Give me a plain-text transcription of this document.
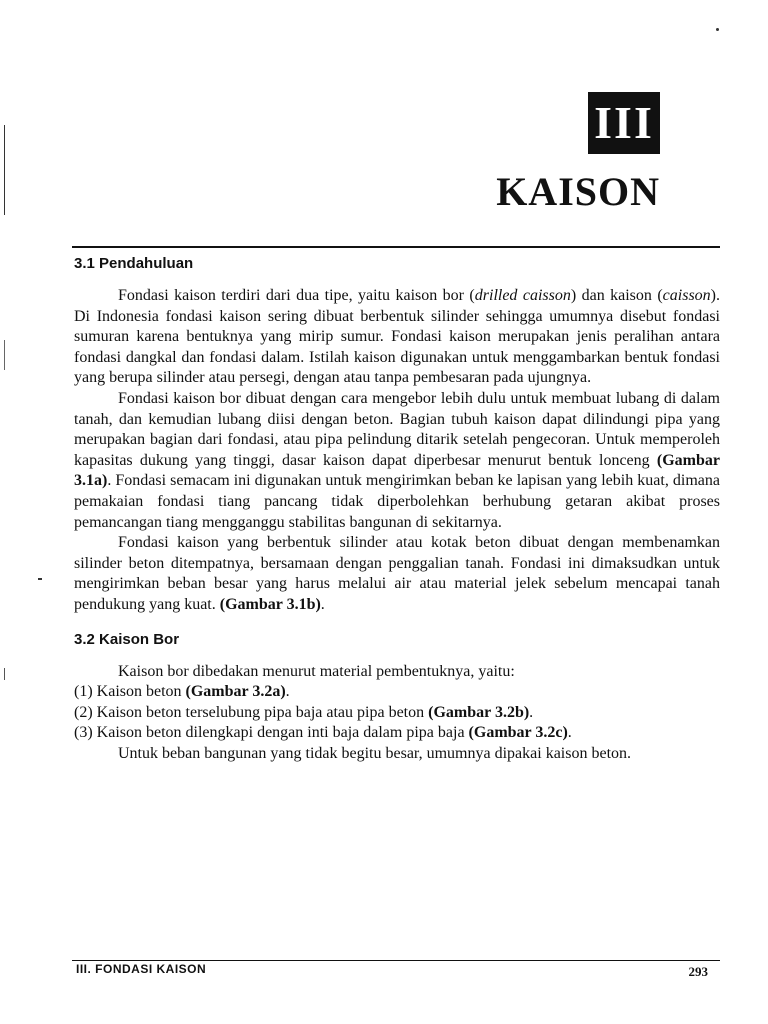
III
KAISON
3.1 Pendahuluan

Fondasi kaison terdiri dari dua tipe, yaitu kaison bor (drilled caisson) dan kaison (caisson). Di Indonesia fondasi kaison sering dibuat berbentuk silinder sehingga umumnya disebut fondasi sumuran karena bentuknya yang mirip sumur. Fondasi kaison merupakan jenis peralihan antara fondasi dangkal dan fondasi dalam. Istilah kaison digunakan untuk menggambarkan bentuk fondasi yang berupa silinder atau persegi, dengan atau tanpa pembesaran pada ujungnya.

Fondasi kaison bor dibuat dengan cara mengebor lebih dulu untuk membuat lubang di dalam tanah, dan kemudian lubang diisi dengan beton. Bagian tubuh kaison dapat dilindungi pipa yang merupakan bagian dari fondasi, atau pipa pelindung ditarik setelah pengecoran. Untuk memperoleh kapasitas dukung yang tinggi, dasar kaison dapat diperbesar menurut bentuk lonceng (Gambar 3.1a). Fondasi semacam ini digunakan untuk mengirimkan beban ke lapisan yang lebih kuat, dimana pemakaian fondasi tiang pancang tidak diperbolehkan berhubung getaran akibat proses pemancangan tiang mengganggu stabilitas bangunan di sekitarnya.

Fondasi kaison yang berbentuk silinder atau kotak beton dibuat dengan membenamkan silinder beton ditempatnya, bersamaan dengan penggalian tanah. Fondasi ini dimaksudkan untuk mengirimkan beban besar yang harus melalui air atau material jelek sebelum mencapai tanah pendukung yang kuat. (Gambar 3.1b).

3.2 Kaison Bor

Kaison bor dibedakan menurut material pembentuknya, yaitu:

(1) Kaison beton (Gambar 3.2a).

(2) Kaison beton terselubung pipa baja atau pipa beton (Gambar 3.2b).

(3) Kaison beton dilengkapi dengan inti baja dalam pipa baja (Gambar 3.2c).

Untuk beban bangunan yang tidak begitu besar, umumnya dipakai kaison beton.

III. FONDASI KAISON	293
